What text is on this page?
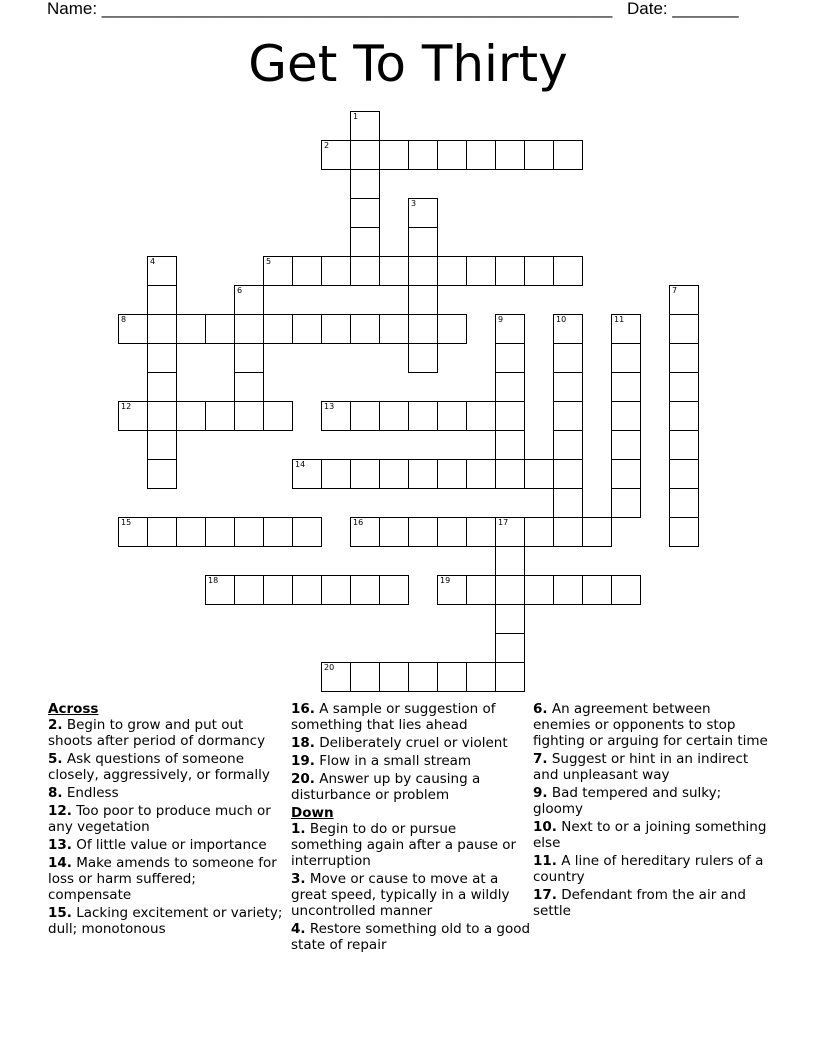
Name: ______________________________________________________ Date: _______
Get To Thirty
1
2
3
4	5
6	7
8	9	10	11
12	13
14
15	16	17
18	19
20
Across
2. Begin to grow and put out shoots after period of dormancy
5. Ask questions of someone closely, aggressively, or formally
8. Endless
12. Too poor to produce much or any vegetation
13. Of little value or importance
14. Make amends to someone for loss or harm suffered; compensate
15. Lacking excitement or variety; dull; monotonous
16. A sample or suggestion of something that lies ahead
18. Deliberately cruel or violent
19. Flow in a small stream
20. Answer up by causing a disturbance or problem
Down
1. Begin to do or pursue something again after a pause or interruption
3. Move or cause to move at a great speed, typically in a wildly uncontrolled manner
4. Restore something old to a good state of repair
6. An agreement between enemies or opponents to stop fighting or arguing for certain time
7. Suggest or hint in an indirect and unpleasant way
9. Bad tempered and sulky; gloomy
10. Next to or a joining something else
11. A line of hereditary rulers of a country
17. Defendant from the air and settle
